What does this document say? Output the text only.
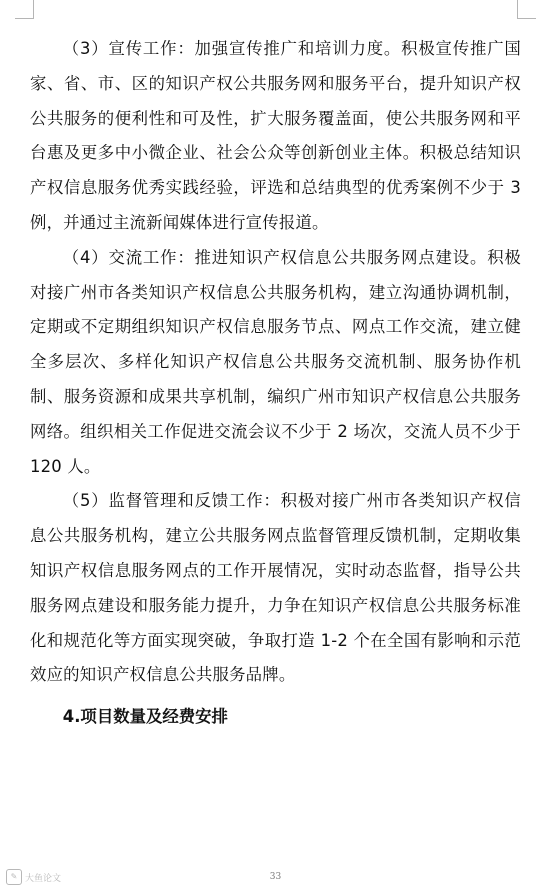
（3）宣传工作：加强宣传推广和培训力度。积极宣传推广国家、省、市、区的知识产权公共服务网和服务平台，提升知识产权公共服务的便利性和可及性，扩大服务覆盖面，使公共服务网和平台惠及更多中小微企业、社会公众等创新创业主体。积极总结知识产权信息服务优秀实践经验，评选和总结典型的优秀案例不少于 3 例，并通过主流新闻媒体进行宣传报道。

（4）交流工作：推进知识产权信息公共服务网点建设。积极对接广州市各类知识产权信息公共服务机构，建立沟通协调机制，定期或不定期组织知识产权信息服务节点、网点工作交流，建立健全多层次、多样化知识产权信息公共服务交流机制、服务协作机制、服务资源和成果共享机制，编织广州市知识产权信息公共服务网络。组织相关工作促进交流会议不少于 2 场次，交流人员不少于 120 人。

（5）监督管理和反馈工作：积极对接广州市各类知识产权信息公共服务机构，建立公共服务网点监督管理反馈机制，定期收集知识产权信息服务网点的工作开展情况，实时动态监督，指导公共服务网点建设和服务能力提升，力争在知识产权信息公共服务标准化和规范化等方面实现突破，争取打造 1-2 个在全国有影响和示范效应的知识产权信息公共服务品牌。

4.项目数量及经费安排

✎ 大鱼论文	33
